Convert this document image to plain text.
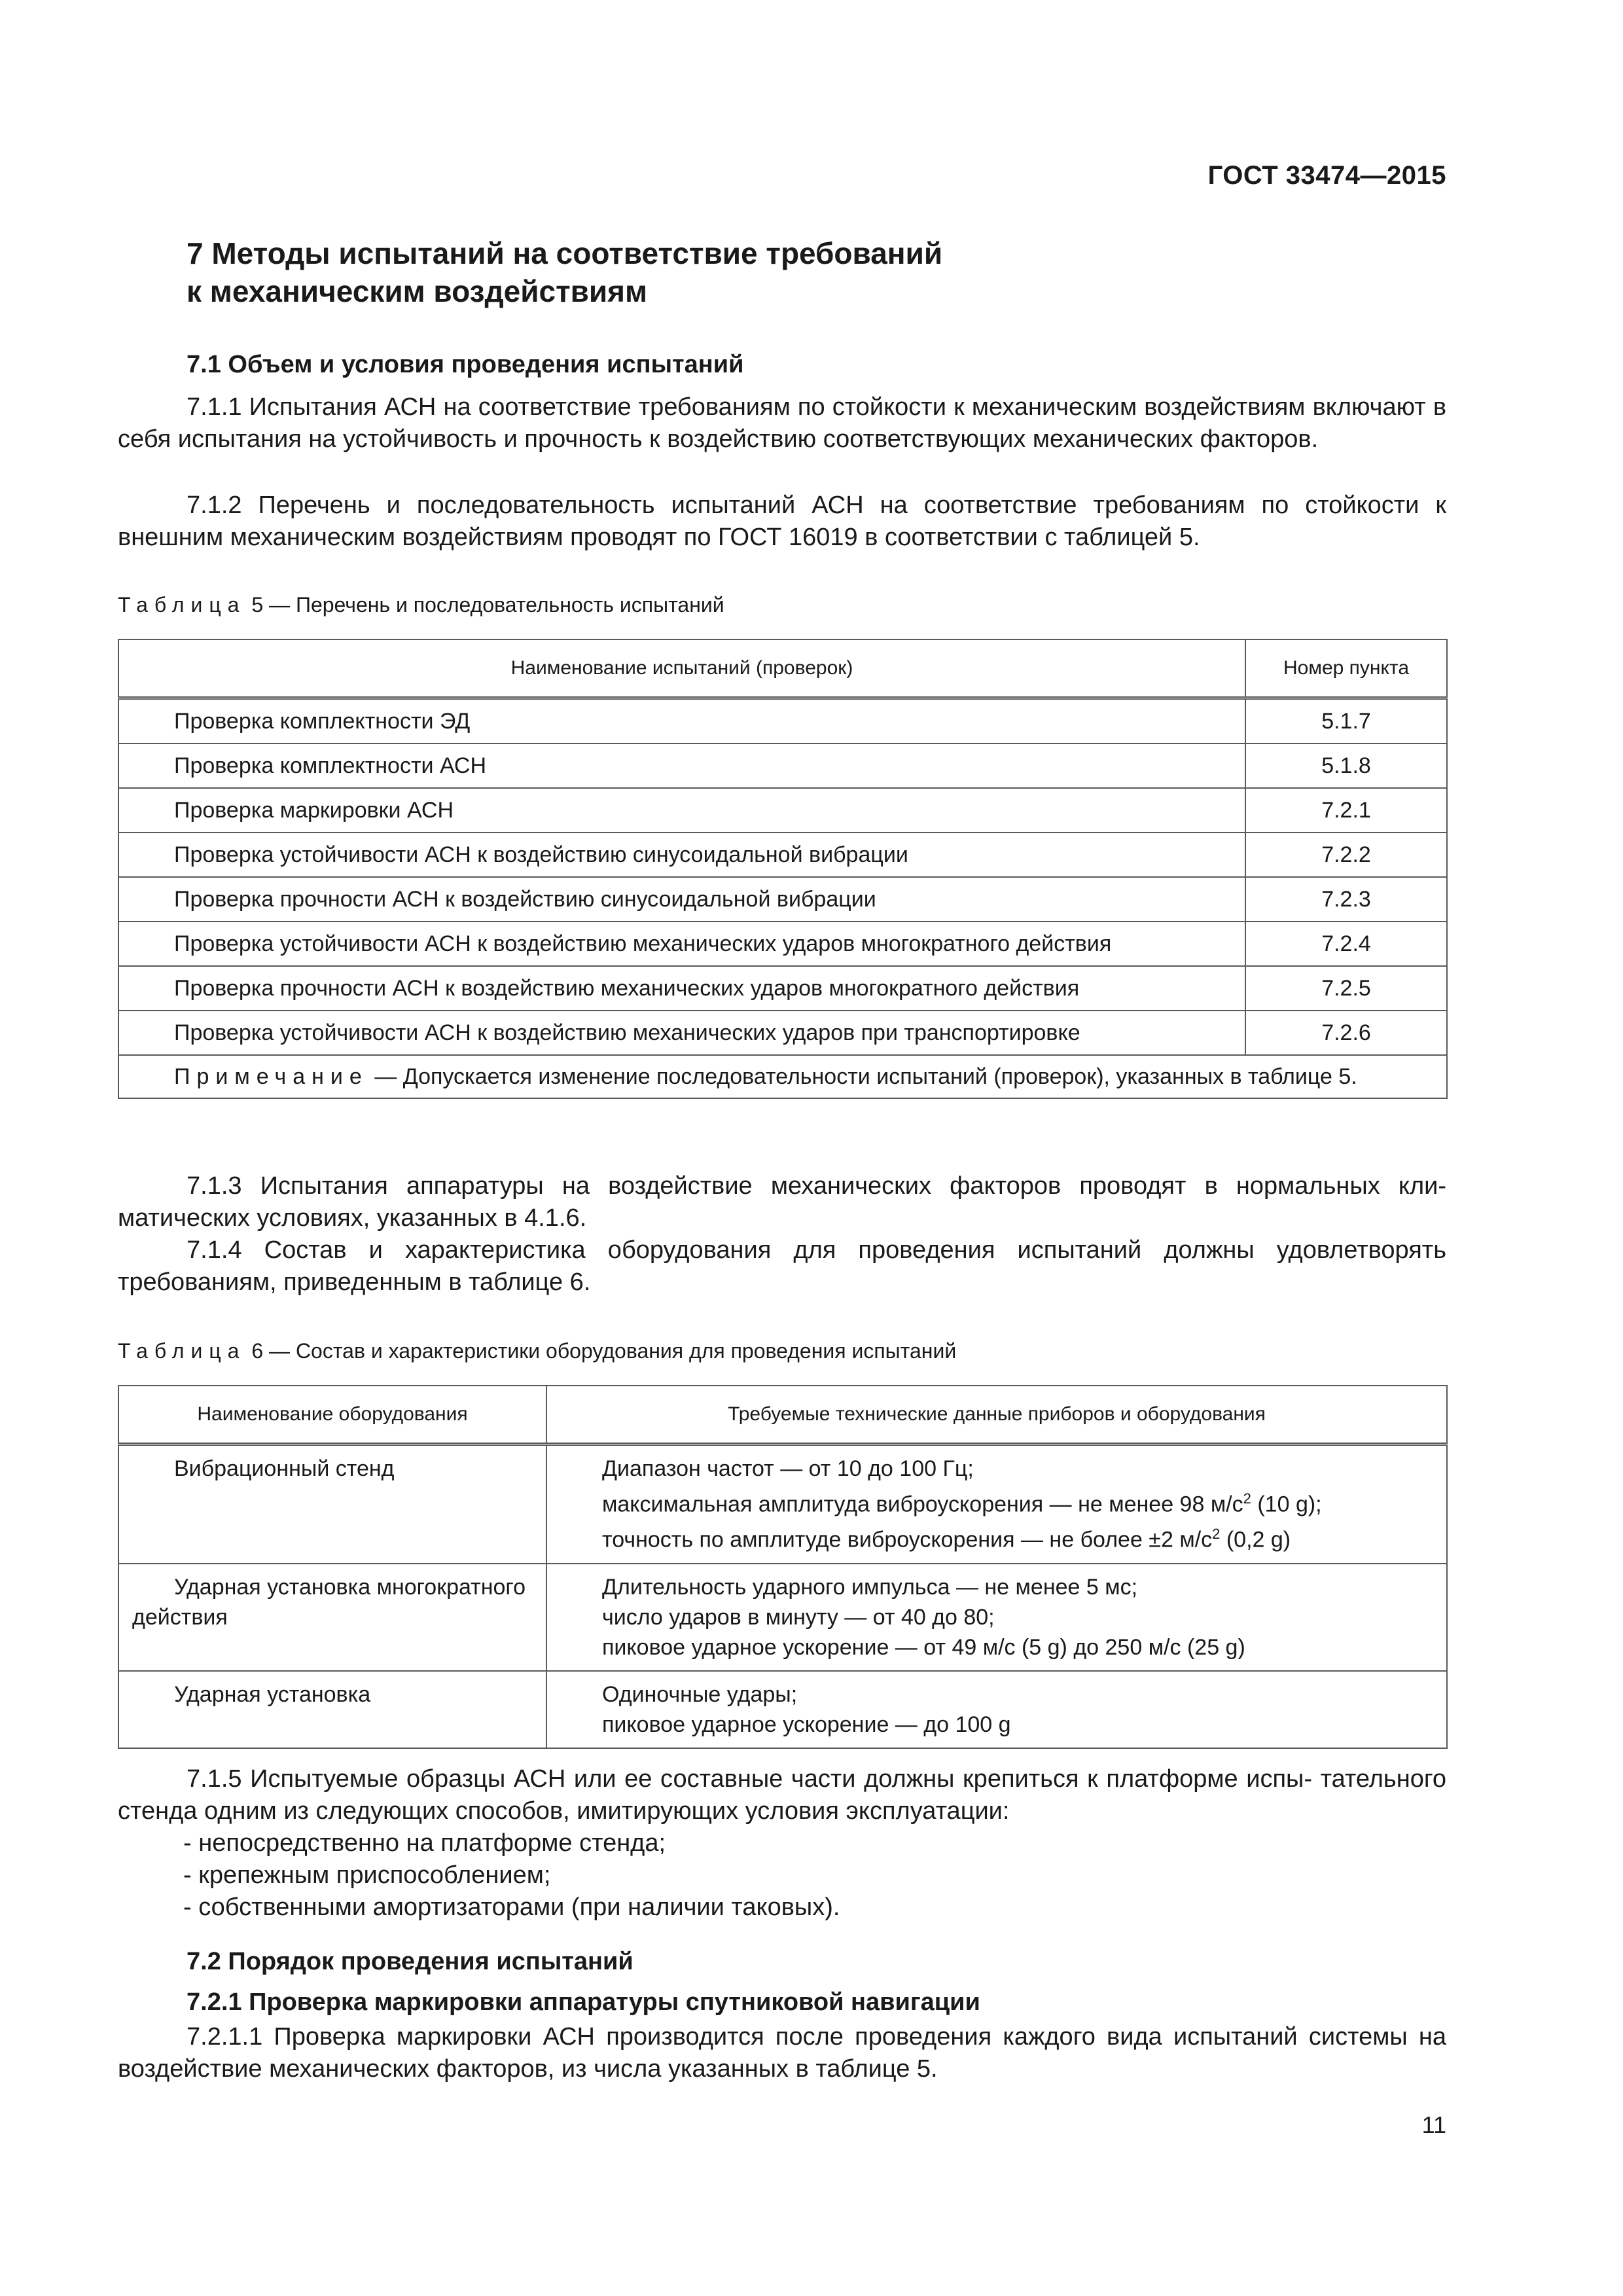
ГОСТ 33474—2015
7 Методы испытаний на соответствие требований
к механическим воздействиям
7.1 Объем и условия проведения испытаний
7.1.1 Испытания АСН на соответствие требованиям по стойкости к механическим воздействиям включают в себя испытания на устойчивость и прочность к воздействию соответствующих механических факторов.
7.1.2 Перечень и последовательность испытаний АСН на соответствие требованиям по стойкости к внешним механическим воздействиям проводят по ГОСТ 16019 в соответствии с таблицей 5.
Таблица 5 — Перечень и последовательность испытаний
Наименование испытаний (проверок)	Номер пункта
Проверка комплектности ЭД	5.1.7
Проверка комплектности АСН	5.1.8
Проверка маркировки АСН	7.2.1
Проверка устойчивости АСН к воздействию синусоидальной вибрации	7.2.2
Проверка прочности АСН к воздействию синусоидальной вибрации	7.2.3
Проверка устойчивости АСН к воздействию механических ударов многократного действия	7.2.4
Проверка прочности АСН к воздействию механических ударов многократного действия	7.2.5
Проверка устойчивости АСН к воздействию механических ударов при транспортировке	7.2.6
Примечание — Допускается изменение последовательности испытаний (проверок), указанных в таблице 5.	
7.1.3 Испытания аппаратуры на воздействие механических факторов проводят в нормальных кли- матических условиях, указанных в 4.1.6.
7.1.4 Состав и характеристика оборудования для проведения испытаний должны удовлетворять требованиям, приведенным в таблице 6.
Таблица 6 — Состав и характеристики оборудования для проведения испытаний
Наименование оборудования	Требуемые технические данные приборов и оборудования
Вибрационный стенд	Диапазон частот — от 10 до 100 Гц;
максимальная амплитуда виброускорения — не менее 98 $м/с^2$ (10 g);
точность по амплитуде виброускорения — не более ±2 $м/с^2$ (0,2 g)

Ударная установка многократного
действия	Длительность ударного импульса — не менее 5 мс;
число ударов в минуту — от 40 до 80;
пиковое ударное ускорение — от 49 м/с (5 g) до 250 м/с (25 g)

Ударная установка	Одиночные удары;
пиковое ударное ускорение — до 100 g
7.1.5 Испытуемые образцы АСН или ее составные части должны крепиться к платформе испы- тательного стенда одним из следующих способов, имитирующих условия эксплуатации:
- непосредственно на платформе стенда;
- крепежным приспособлением;
- собственными амортизаторами (при наличии таковых).
7.2 Порядок проведения испытаний
7.2.1 Проверка маркировки аппаратуры спутниковой навигации
7.2.1.1 Проверка маркировки АСН производится после проведения каждого вида испытаний системы на воздействие механических факторов, из числа указанных в таблице 5.
11
